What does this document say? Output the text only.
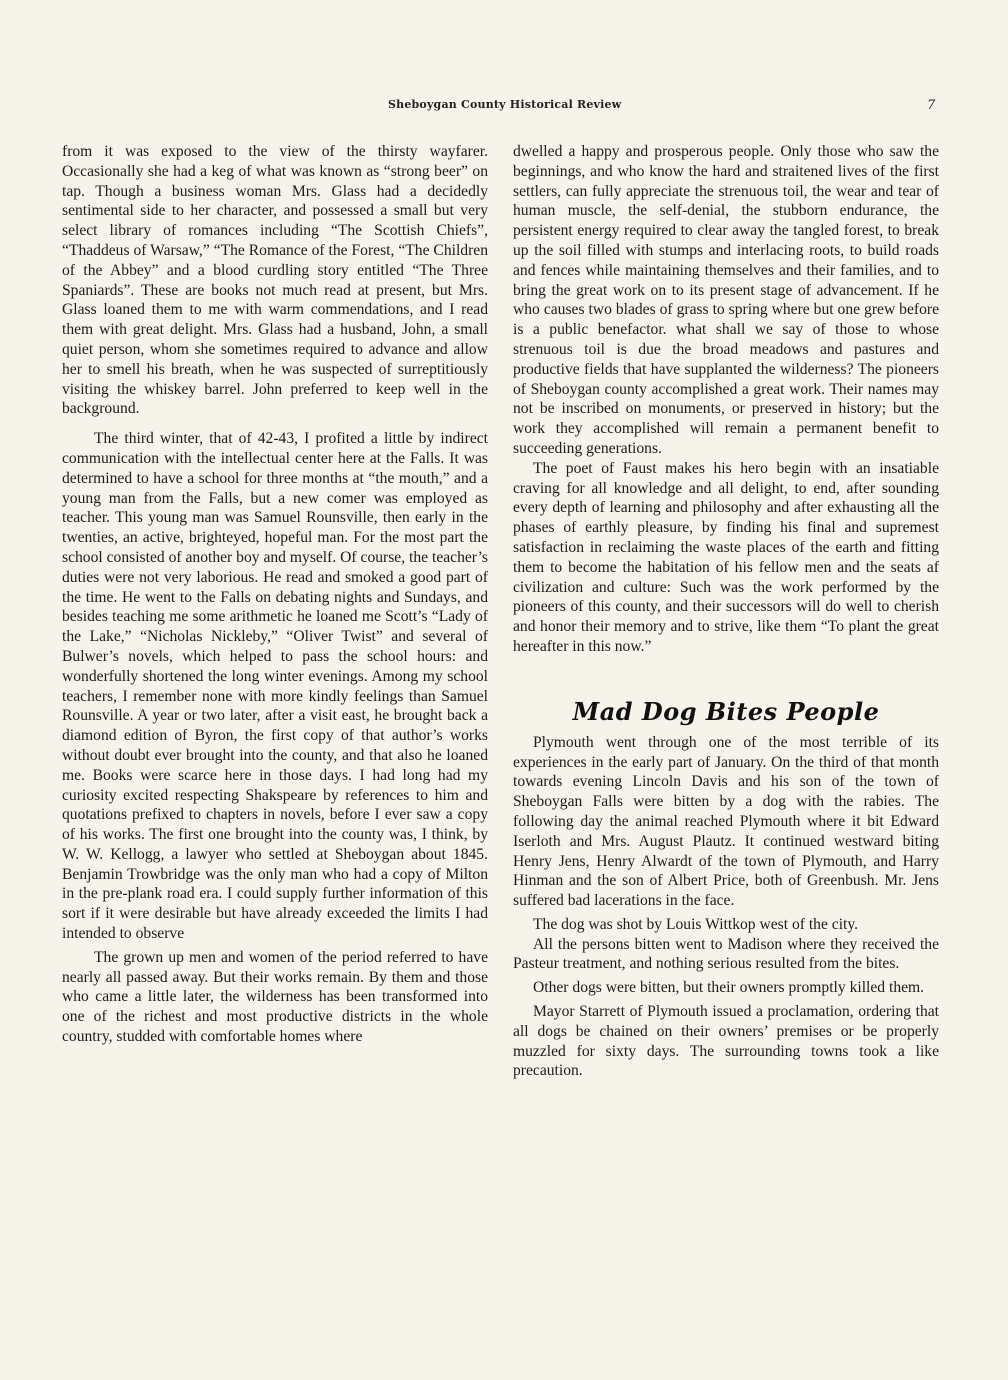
Sheboygan County Historical Review	7

from it was exposed to the view of the thirsty wayfarer. Occasionally she had a keg of what was known as “strong beer” on tap. Though a business woman Mrs. Glass had a decidedly sentimental side to her character, and possessed a small but very select library of romances including “The Scottish Chiefs”, “Thaddeus of Warsaw,” “The Romance of the Forest, “The Children of the Abbey” and a blood curdling story entitled “The Three Spaniards”. These are books not much read at present, but Mrs. Glass loaned them to me with warm commendations, and I read them with great delight. Mrs. Glass had a husband, John, a small quiet person, whom she sometimes required to advance and allow her to smell his breath, when he was suspected of surreptitiously visiting the whiskey barrel. John preferred to keep well in the background.

The third winter, that of 42-43, I profited a little by indirect communication with the intellectual center here at the Falls. It was determined to have a school for three months at “the mouth,” and a young man from the Falls, but a new comer was employed as teacher. This young man was Samuel Rounsville, then early in the twenties, an active, brighteyed, hopeful man. For the most part the school consisted of another boy and myself. Of course, the teacher’s duties were not very laborious. He read and smoked a good part of the time. He went to the Falls on debating nights and Sundays, and besides teaching me some arithmetic he loaned me Scott’s “Lady of the Lake,” “Nicholas Nickleby,” “Oliver Twist” and several of Bulwer’s novels, which helped to pass the school hours: and wonderfully shortened the long winter evenings. Among my school teachers, I remember none with more kindly feelings than Samuel Rounsville. A year or two later, after a visit east, he brought back a diamond edition of Byron, the first copy of that author’s works without doubt ever brought into the county, and that also he loaned me. Books were scarce here in those days. I had long had my curiosity excited respecting Shakspeare by references to him and quotations prefixed to chapters in novels, before I ever saw a copy of his works. The first one brought into the county was, I think, by W. W. Kellogg, a lawyer who settled at Sheboygan about 1845. Benjamin Trowbridge was the only man who had a copy of Milton in the pre-plank road era. I could supply further information of this sort if it were desirable but have already exceeded the limits I had intended to observe

The grown up men and women of the period referred to have nearly all passed away. But their works remain. By them and those who came a little later, the wilderness has been transformed into one of the richest and most productive districts in the whole country, studded with comfortable homes where

dwelled a happy and prosperous people. Only those who saw the beginnings, and who know the hard and straitened lives of the first settlers, can fully appreciate the strenuous toil, the wear and tear of human muscle, the self-denial, the stubborn endurance, the persistent energy required to clear away the tangled forest, to break up the soil filled with stumps and interlacing roots, to build roads and fences while maintaining themselves and their families, and to bring the great work on to its present stage of advancement. If he who causes two blades of grass to spring where but one grew before is a public benefactor. what shall we say of those to whose strenuous toil is due the broad meadows and pastures and productive fields that have supplanted the wilderness? The pioneers of Sheboygan county accomplished a great work. Their names may not be inscribed on monuments, or preserved in history; but the work they accomplished will remain a permanent benefit to succeeding generations.

The poet of Faust makes his hero begin with an insatiable craving for all knowledge and all delight, to end, after sounding every depth of learning and philosophy and after exhausting all the phases of earthly pleasure, by finding his final and supremest satisfaction in reclaiming the waste places of the earth and fitting them to become the habitation of his fellow men and the seats af civilization and culture: Such was the work performed by the pioneers of this county, and their successors will do well to cherish and honor their memory and to strive, like them “To plant the great hereafter in this now.”

Mad Dog Bites People

Plymouth went through one of the most terrible of its experiences in the early part of January. On the third of that month towards evening Lincoln Davis and his son of the town of Sheboygan Falls were bitten by a dog with the rabies. The following day the animal reached Plymouth where it bit Edward Iserloth and Mrs. August Plautz. It continued westward biting Henry Jens, Henry Alwardt of the town of Plymouth, and Harry Hinman and the son of Albert Price, both of Greenbush. Mr. Jens suffered bad lacerations in the face.

The dog was shot by Louis Wittkop west of the city.

All the persons bitten went to Madison where they received the Pasteur treatment, and nothing serious resulted from the bites.

Other dogs were bitten, but their owners promptly killed them.

Mayor Starrett of Plymouth issued a proclamation, ordering that all dogs be chained on their owners’ premises or be properly muzzled for sixty days. The surrounding towns took a like precaution.
